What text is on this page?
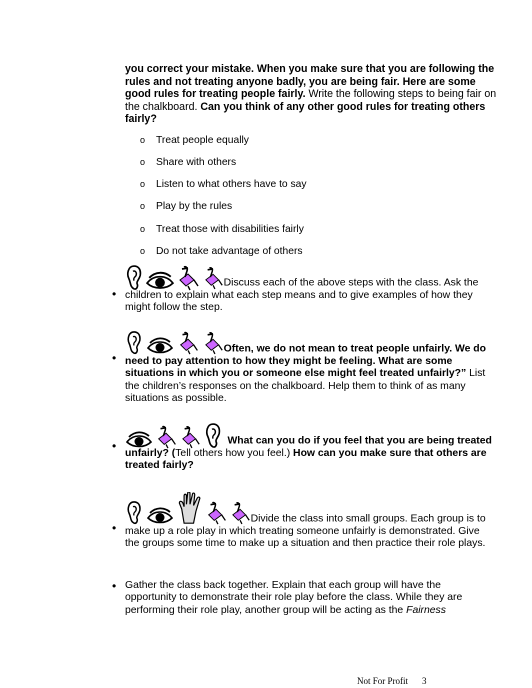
you correct your mistake. When you make sure that you are following the rules and not treating anyone badly, you are being fair. Here are some good rules for treating people fairly. Write the following steps to being fair on the chalkboard. Can you think of any other good rules for treating others fairly?
o Treat people equally
o Share with others
o Listen to what others have to say
o Play by the rules
o Treat those with disabilities fairly
o Do not take advantage of others
•
Discuss each of the above steps with the class. Ask the children to explain what each step means and to give examples of how they might follow the step.
•
Often, we do not mean to treat people unfairly. We do need to pay attention to how they might be feeling. What are some situations in which you or someone else might feel treated unfairly?” List the children’s responses on the chalkboard. Help them to think of as many situations as possible.
•	What can you do if you feel that you are being treated unfairly? (Tell others how you feel.) How can you make sure that others are treated fairly?
•
Divide the class into small groups. Each group is to make up a role play in which treating someone unfairly is demonstrated. Give the groups some time to make up a situation and then practice their role plays.
• Gather the class back together. Explain that each group will have the opportunity to demonstrate their role play before the class. While they are performing their role play, another group will be acting as the Fairness
Not For Profit 3
